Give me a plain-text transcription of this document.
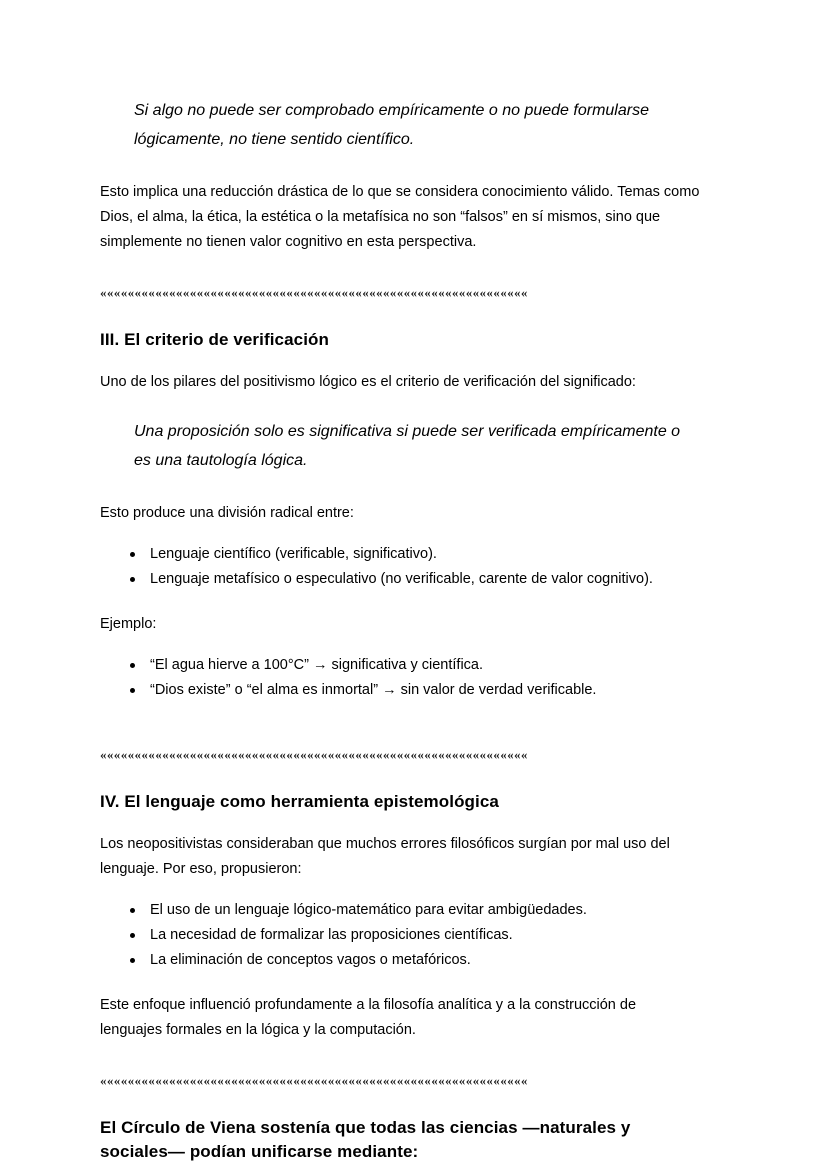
Si algo no puede ser comprobado empíricamente o no puede formularse lógicamente, no tiene sentido científico.

Esto implica una reducción drástica de lo que se considera conocimiento válido. Temas como Dios, el alma, la ética, la estética o la metafísica no son “falsos” en sí mismos, sino que simplemente no tienen valor cognitivo en esta perspectiva.

««««««««««««««««««««««««««««««««««««««««««««««««««««««««««««««
III. El criterio de verificación

Uno de los pilares del positivismo lógico es el criterio de verificación del significado:

Una proposición solo es significativa si puede ser verificada empíricamente o es una tautología lógica.

Esto produce una división radical entre:

Lenguaje científico (verificable, significativo).
Lenguaje metafísico o especulativo (no verificable, carente de valor cognitivo).

Ejemplo:

“El agua hierve a 100°C” → significativa y científica.
“Dios existe” o “el alma es inmortal” → sin valor de verdad verificable.
««««««««««««««««««««««««««««««««««««««««««««««««««««««««««««««
IV. El lenguaje como herramienta epistemológica

Los neopositivistas consideraban que muchos errores filosóficos surgían por mal uso del lenguaje. Por eso, propusieron:

El uso de un lenguaje lógico-matemático para evitar ambigüedades.
La necesidad de formalizar las proposiciones científicas.
La eliminación de conceptos vagos o metafóricos.

Este enfoque influenció profundamente a la filosofía analítica y a la construcción de lenguajes formales en la lógica y la computación.

««««««««««««««««««««««««««««««««««««««««««««««««««««««««««««««
El Círculo de Viena sostenía que todas las ciencias —naturales y sociales— podían unificarse mediante:
